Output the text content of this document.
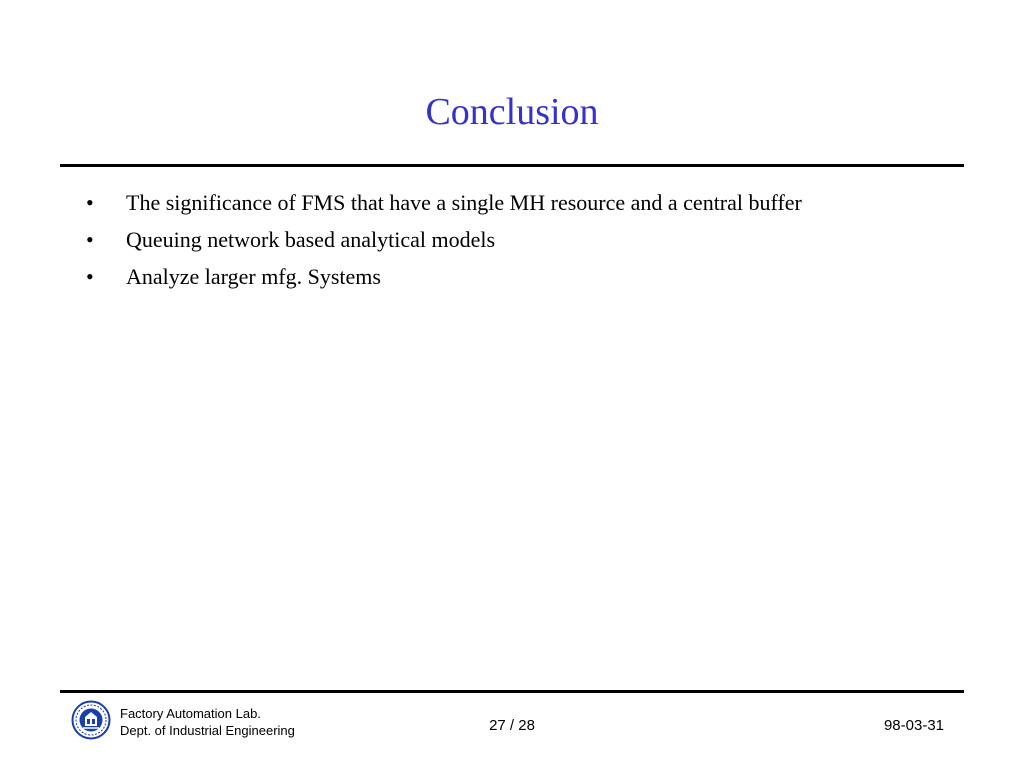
Conclusion
• The significance of FMS that have a single MH resource and a central buffer
• Queuing network based analytical models
• Analyze larger mfg. Systems
Factory Automation Lab.
Dept. of Industrial Engineering	27 / 28	98-03-31
